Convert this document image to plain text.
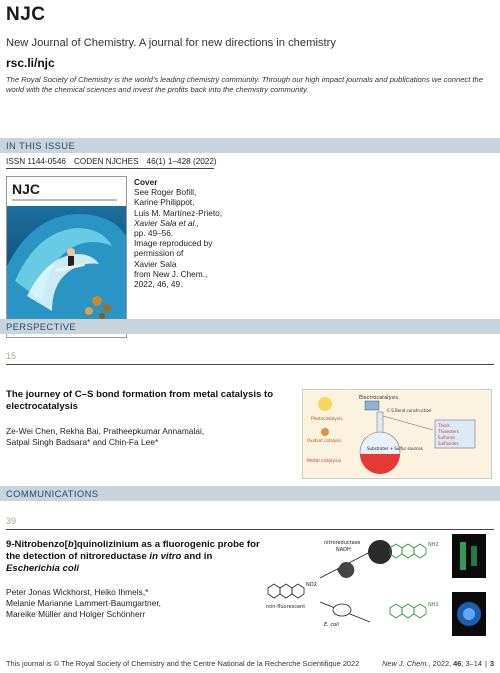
NJC
New Journal of Chemistry. A journal for new directions in chemistry
rsc.li/njc
The Royal Society of Chemistry is the world's leading chemistry community. Through our high impact journals and publications we connect the world with the chemical sciences and invest the profits back into the chemistry community.
IN THIS ISSUE
ISSN 1144-0546 CODEN NJCHES 46(1) 1–428 (2022)
NJC	Cover
See Roger Bofill,
Karine Philippot,
Luis M. Martínez-Prieto,
Xavier Sala et al.,
pp. 49–56.
Image reproduced by
permission of
Xavier Sala
from New J. Chem.,
2022, 46, 49.
PERSPECTIVE
15
The journey of C–S bond formation from metal catalysis to electrocatalysis
Ze-Wei Chen, Rekha Bai, Pratheepkumar Annamalai,
Satpal Singh Badsara* and Chin-Fa Lee*
Electrocatalysis
C-S Bond construction
Photocatalysis
Oxidant catalysis
Metal catalysis
Substrates + Sulfur sources
Thiols
Thioesters
Sulfones
Sulfoxides
COMMUNICATIONS
39
9-Nitrobenzo[b]quinolizinium as a fluorogenic probe for the detection of nitroreductase in vitro and in Escherichia coli
Peter Jonas Wickhorst, Heiko Ihmels,*
Melanie Marianne Lammert-Baumgartner,
Mareike Müller and Holger Schönherr
NO2
non-fluorescent
nitroreductase
NADH
E. coli
NH2
NH2
This journal is © The Royal Society of Chemistry and the Centre National de la Recherche Scientifique 2022	New J. Chem., 2022, 46, 3–14 | 3
